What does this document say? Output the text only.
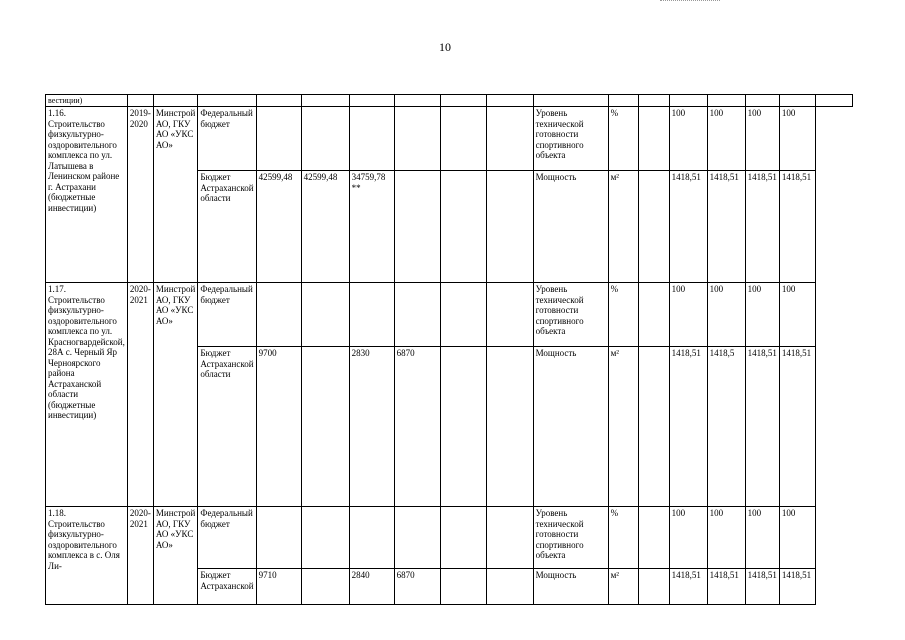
10
вестиции)																	
1.16. Строительство физкультурно-оздоровительного комплекса по ул. Латышева в Ленинском районе г. Астрахани (бюджетные инвестиции)	2019-2020	Минстрой АО, ГКУ АО «УКС АО»	Федеральный бюджет							Уровень технической готовности спортивного объекта	%		100	100	100	100	
			Бюджет Астраханской области	42599,48	42599,48	34759,78 **				Мощность	м²		1418,51	1418,51	1418,51	1418,51	
1.17. Строительство физкультурно-оздоровительного комплекса по ул. Красногвардейской, 28А с. Черный Яр Черноярского района Астраханской области (бюджетные инвестиции)	2020-2021	Минстрой АО, ГКУ АО «УКС АО»	Федеральный бюджет							Уровень технической готовности спортивного объекта	%		100	100	100	100	
			Бюджет Астраханской области	9700		2830	6870			Мощность	м²		1418,51	1418,5	1418,51	1418,51	
1.18. Строительство физкультурно-оздоровительного комплекса в с. Оля Ли-	2020-2021	Минстрой АО, ГКУ АО «УКС АО»	Федеральный бюджет							Уровень технической готовности спортивного объекта	%		100	100	100	100	
			Бюджет Астраханской	9710		2840	6870			Мощность	м²		1418,51	1418,51	1418,51	1418,51	
